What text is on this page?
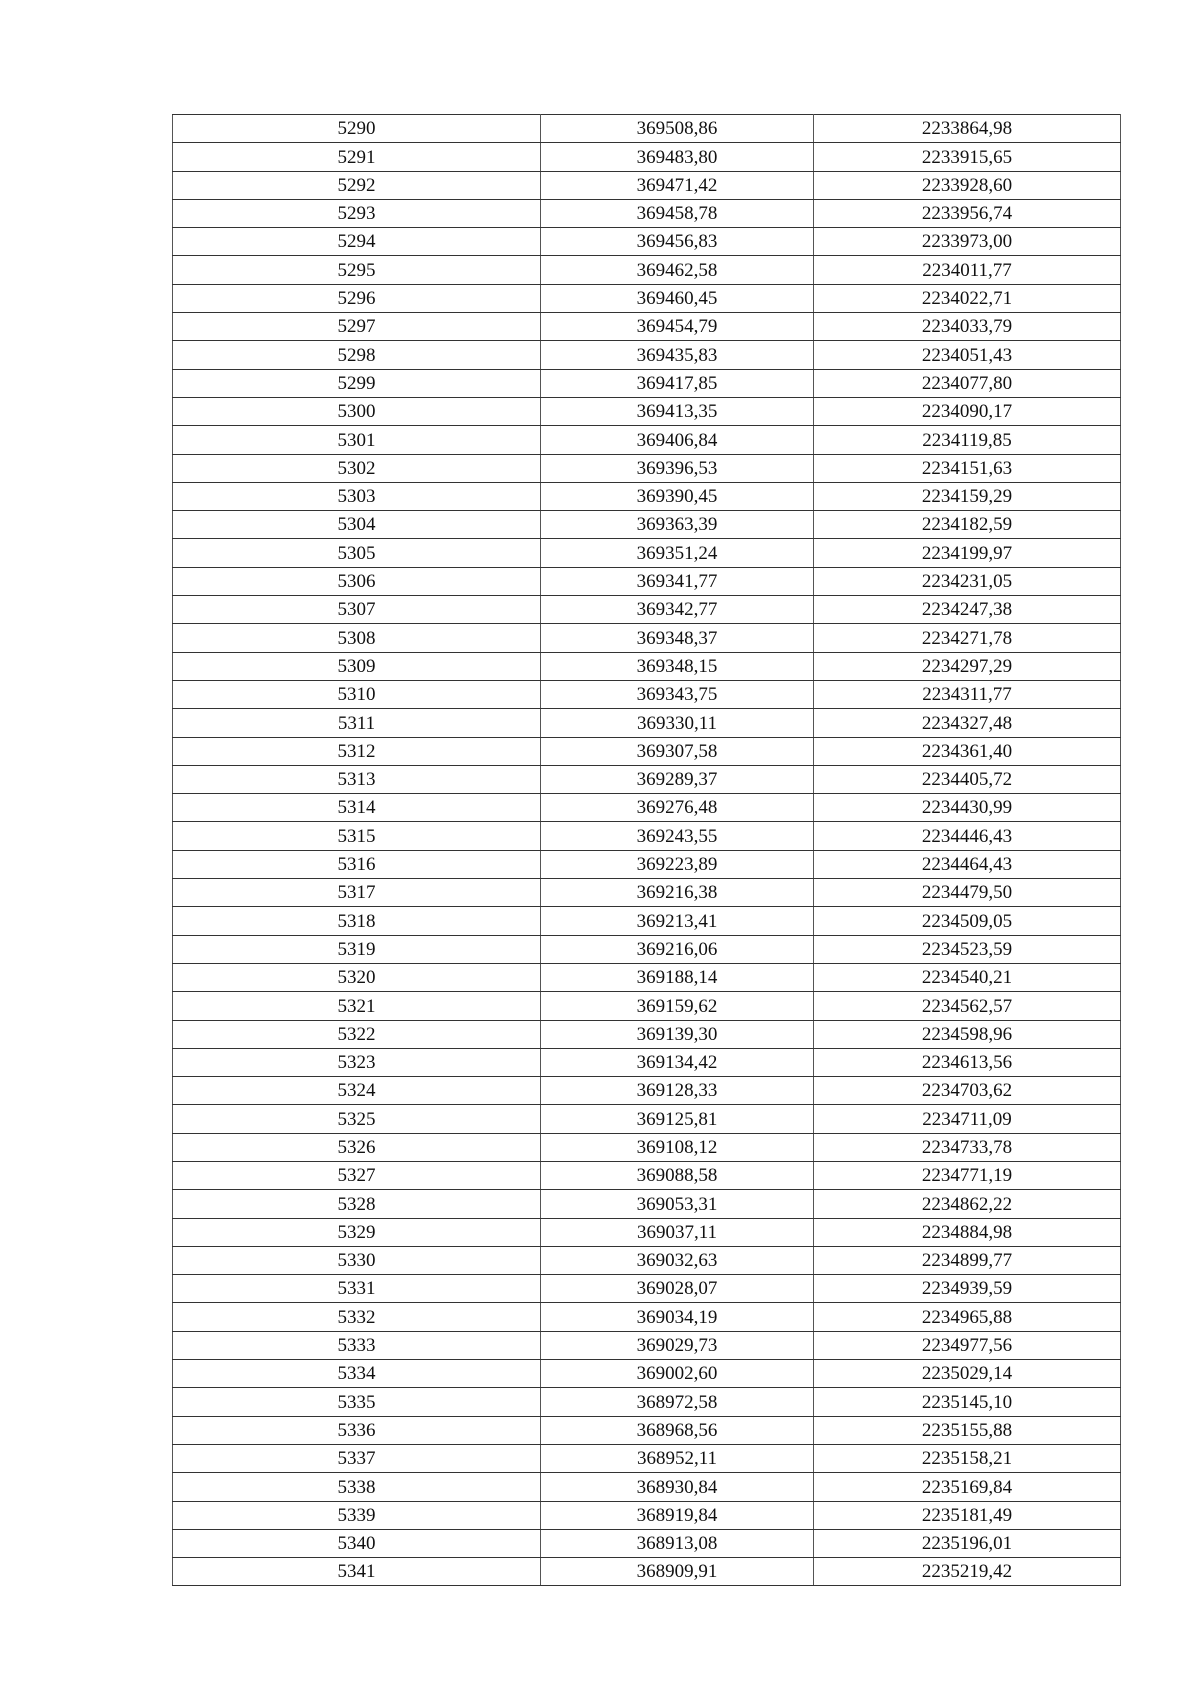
5290	369508,86	2233864,98
5291	369483,80	2233915,65
5292	369471,42	2233928,60
5293	369458,78	2233956,74
5294	369456,83	2233973,00
5295	369462,58	2234011,77
5296	369460,45	2234022,71
5297	369454,79	2234033,79
5298	369435,83	2234051,43
5299	369417,85	2234077,80
5300	369413,35	2234090,17
5301	369406,84	2234119,85
5302	369396,53	2234151,63
5303	369390,45	2234159,29
5304	369363,39	2234182,59
5305	369351,24	2234199,97
5306	369341,77	2234231,05
5307	369342,77	2234247,38
5308	369348,37	2234271,78
5309	369348,15	2234297,29
5310	369343,75	2234311,77
5311	369330,11	2234327,48
5312	369307,58	2234361,40
5313	369289,37	2234405,72
5314	369276,48	2234430,99
5315	369243,55	2234446,43
5316	369223,89	2234464,43
5317	369216,38	2234479,50
5318	369213,41	2234509,05
5319	369216,06	2234523,59
5320	369188,14	2234540,21
5321	369159,62	2234562,57
5322	369139,30	2234598,96
5323	369134,42	2234613,56
5324	369128,33	2234703,62
5325	369125,81	2234711,09
5326	369108,12	2234733,78
5327	369088,58	2234771,19
5328	369053,31	2234862,22
5329	369037,11	2234884,98
5330	369032,63	2234899,77
5331	369028,07	2234939,59
5332	369034,19	2234965,88
5333	369029,73	2234977,56
5334	369002,60	2235029,14
5335	368972,58	2235145,10
5336	368968,56	2235155,88
5337	368952,11	2235158,21
5338	368930,84	2235169,84
5339	368919,84	2235181,49
5340	368913,08	2235196,01
5341	368909,91	2235219,42
